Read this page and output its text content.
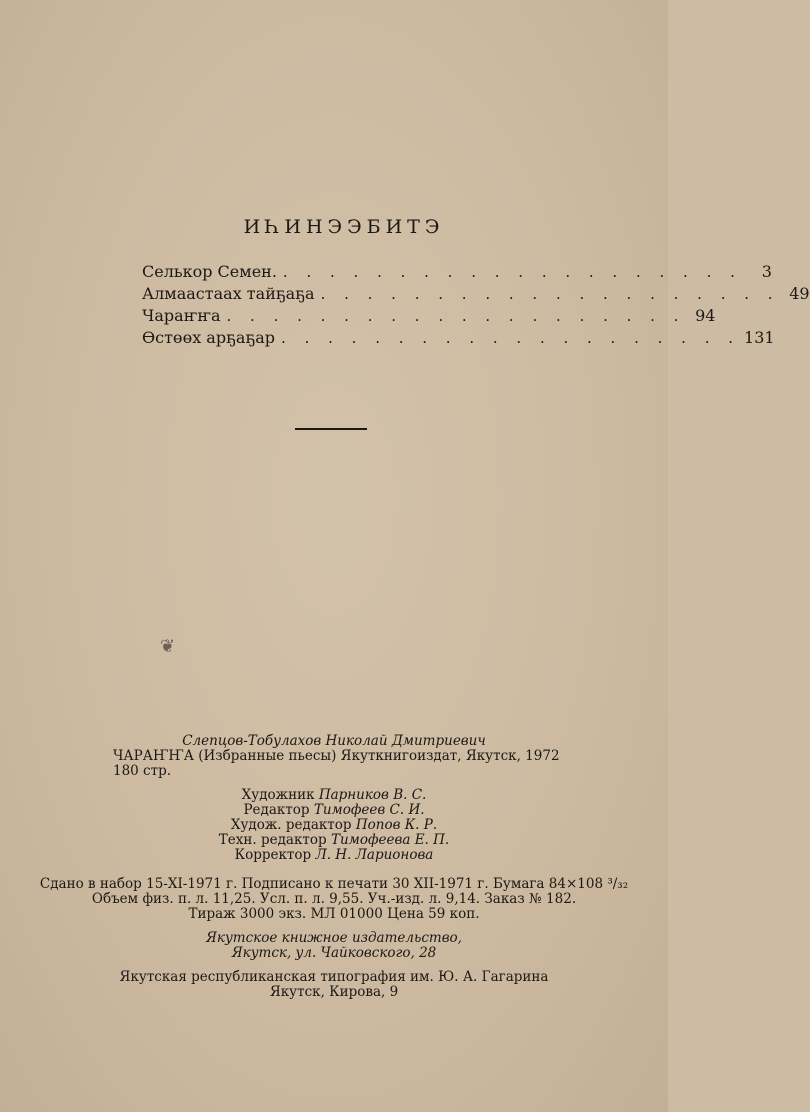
ИҺИНЭЭБИТЭ
Селькор Семен. . . . . . . . . . . . . . . . . . . . .	3
Алмаастаах тайҕаҕа . . . . . . . . . . . . . . . . . . . . 49
Чараҥҥа . . . . . . . . . . . . . . . . . . . . 94
Өстөөх арҕаҕар . . . . . . . . . . . . . . . . . . . . 131
❦
Слепцов-Тобулахов Николай Дмитриевич
ЧАРАҤҤА (Избранные пьесы) Якуткнигоиздат, Якутск, 1972
180 стр.
Художник Парников В. С.
Редактор Тимофеев С. И.
Худож. редактор Попов К. Р.
Техн. редактор Тимофеева Е. П.
Корректор Л. Н. Ларионова
Сдано в набор 15-XI-1971 г. Подписано к печати 30 XII-1971 г. Бумага 84×108 ³/₃₂
Объем физ. п. л. 11,25. Усл. п. л. 9,55. Уч.-изд. л. 9,14. Заказ № 182.
Тираж 3000 экз. МЛ 01000 Цена 59 коп.
Якутское книжное издательство,
Якутск, ул. Чайковского, 28
Якутская республиканская типография им. Ю. А. Гагарина
Якутск, Кирова, 9
